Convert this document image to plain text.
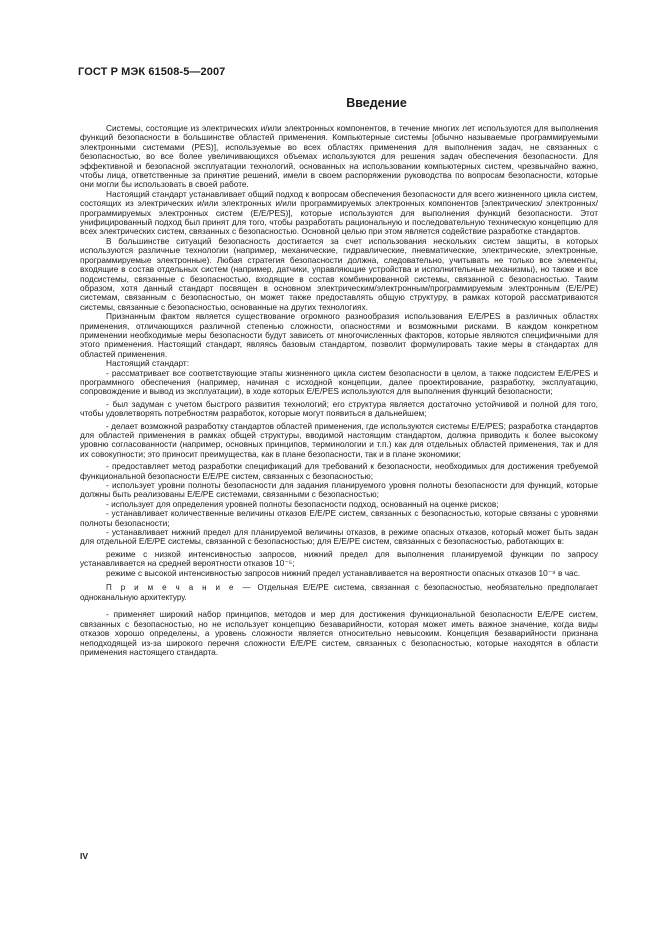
ГОСТ Р МЭК 61508-5—2007
Введение

Системы, состоящие из электрических и/или электронных компонентов, в течение многих лет используются для выполнения функций безопасности в большинстве областей применения. Компьютерные системы [обычно называемые программируемыми электронными системами (PES)], используемые во всех областях применения для выполнения задач, не связанных с безопасностью, во все более увеличивающихся объемах используются для решения задач обеспечения безопасности. Для эффективной и безопасной эксплуатации технологий, основанных на использовании компьютерных систем, чрезвычайно важно, чтобы лица, ответственные за принятие решений, имели в своем распоряжении руководства по вопросам безопасности, которые они могли бы использовать в своей работе.

Настоящий стандарт устанавливает общий подход к вопросам обеспечения безопасности для всего жизненного цикла систем, состоящих из электрических и/или электронных и/или программируемых электронных компонентов [электрических/ электронных/ программируемых электронных систем (E/E/PES)], которые используются для выполнения функций безопасности. Этот унифицированный подход был принят для того, чтобы разработать рациональную и последовательную техническую концепцию для всех электрических систем, связанных с безопасностью. Основной целью при этом является содействие разработке стандартов.

В большинстве ситуаций безопасность достигается за счет использования нескольких систем защиты, в которых используются различные технологии (например, механические, гидравлические, пневматические, электрические, электронные, программируемые электронные). Любая стратегия безопасности должна, следовательно, учитывать не только все элементы, входящие в состав отдельных систем (например, датчики, управляющие устройства и исполнительные механизмы), но также и все подсистемы, связанные с безопасностью, входящие в состав комбинированной системы, связанной с безопасностью. Таким образом, хотя данный стандарт посвящен в основном электрическим/электронным/программируемым электронным (E/E/PE) системам, связанным с безопасностью, он может также предоставлять общую структуру, в рамках которой рассматриваются системы, связанные с безопасностью, основанные на других технологиях.

Признанным фактом является существование огромного разнообразия использования E/E/PES в различных областях применения, отличающихся различной степенью сложности, опасностями и возможными рисками. В каждом конкретном применении необходимые меры безопасности будут зависеть от многочисленных факторов, которые являются специфичными для этого применения. Настоящий стандарт, являясь базовым стандартом, позволит формулировать такие меры в стандартах для областей применения.

Настоящий стандарт:

- рассматривает все соответствующие этапы жизненного цикла систем безопасности в целом, а также подсистем E/E/PES и программного обеспечения (например, начиная с исходной концепции, далее проектирование, разработку, эксплуатацию, сопровождение и вывод из эксплуатации), в ходе которых E/E/PES используются для выполнения функций безопасности;

- был задуман с учетом быстрого развития технологий; его структура является достаточно устойчивой и полной для того, чтобы удовлетворять потребностям разработок, которые могут появиться в дальнейшем;

- делает возможной разработку стандартов областей применения, где используются системы E/E/PES; разработка стандартов для областей применения в рамках общей структуры, вводимой настоящим стандартом, должна приводить к более высокому уровню согласованности (например, основных принципов, терминологии и т.п.) как для отдельных областей применения, так и для их совокупности; это приносит преимущества, как в плане безопасности, так и в плане экономики;

- предоставляет метод разработки спецификаций для требований к безопасности, необходимых для достижения требуемой функциональной безопасности E/E/PE систем, связанных с безопасностью;

- использует уровни полноты безопасности для задания планируемого уровня полноты безопасности для функций, которые должны быть реализованы E/E/PE системами, связанными с безопасностью;

- использует для определения уровней полноты безопасности подход, основанный на оценке рисков;

- устанавливает количественные величины отказов E/E/PE систем, связанных с безопасностью, которые связаны с уровнями полноты безопасности;

- устанавливает нижний предел для планируемой величины отказов, в режиме опасных отказов, который может быть задан для отдельной E/E/PE системы, связанной с безопасностью; для E/E/PE систем, связанных с безопасностью, работающих в:

режиме с низкой интенсивностью запросов, нижний предел для выполнения планируемой функции по запросу устанавливается на средней вероятности отказов 10⁻⁵;

режиме с высокой интенсивностью запросов нижний предел устанавливается на вероятности опасных отказов 10⁻⁹ в час.

П р и м е ч а н и е — Отдельная E/E/PE система, связанная с безопасностью, необязательно предполагает одноканальную архитектуру.

- применяет широкий набор принципов, методов и мер для достижения функциональной безопасности E/E/PE систем, связанных с безопасностью, но не использует концепцию безаварийности, которая может иметь важное значение, когда виды отказов хорошо определены, а уровень сложности является относительно невысоким. Концепция безаварийности признана неподходящей из-за широкого перечня сложности E/E/PE систем, связанных с безопасностью, которые находятся в области применения настоящего стандарта.

IV
